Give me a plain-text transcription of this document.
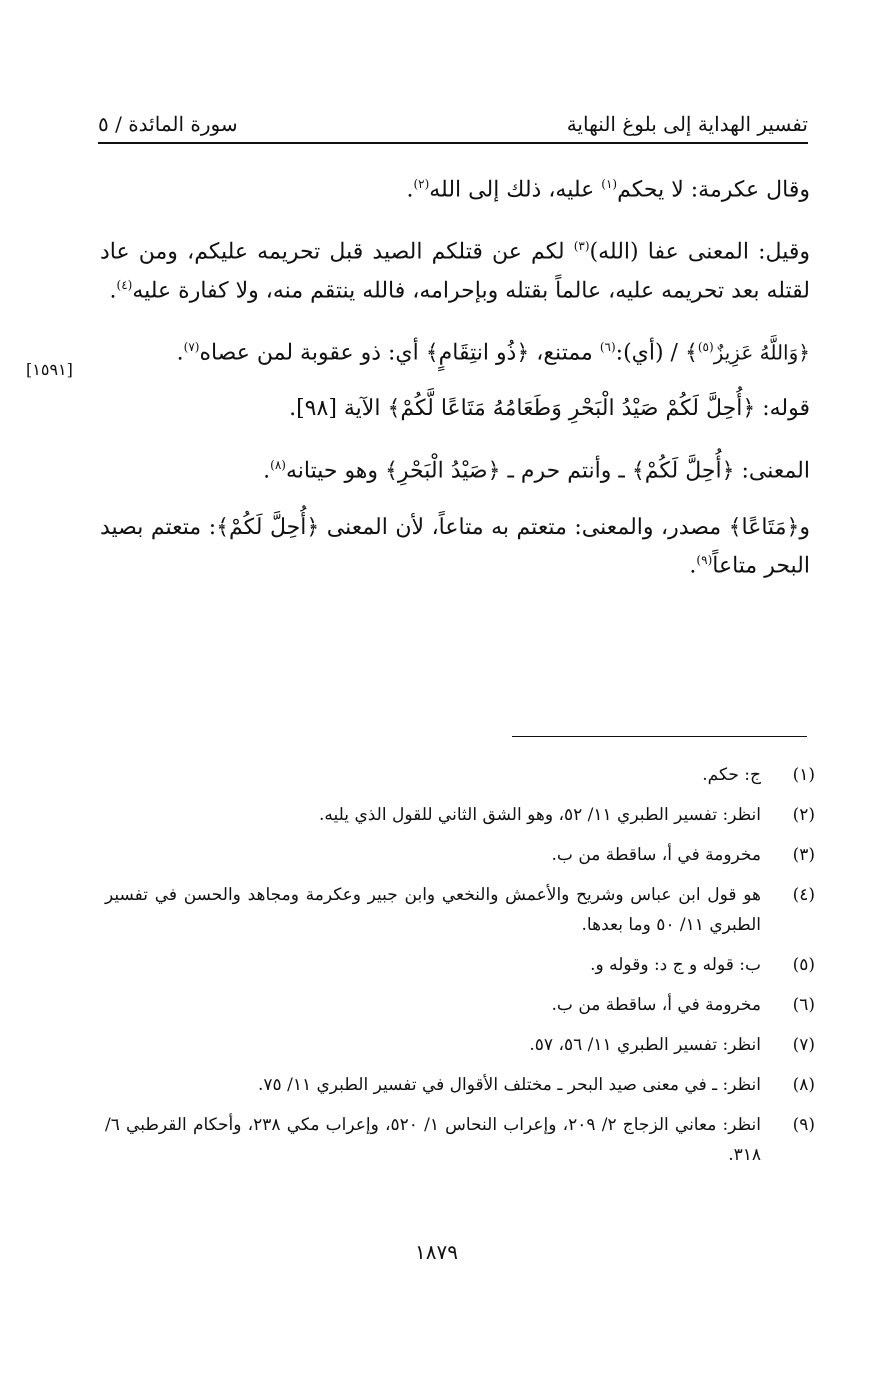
تفسير الهداية إلى بلوغ النهاية
سورة المائدة / ٥
[١٥٩١]

وقال عكرمة: لا يحكم$^{(١)}$ عليه، ذلك إلى الله$^{(٢)}$.

وقيل: المعنى عفا (الله)$^{(٣)}$ لكم عن قتلكم الصيد قبل تحريمه عليكم، ومن عاد لقتله بعد تحريمه عليه، عالماً بقتله وبإحرامه، فالله ينتقم منه، ولا كفارة عليه$^{(٤)}$.

﴿وَاللَّهُ عَزِيزٌ$^{(٥)}$﴾ / (أي):$^{(٦)}$ ممتنع، ﴿ذُو انتِقَامٍ﴾ أي: ذو عقوبة لمن عصاه$^{(٧)}$.

قوله: ﴿أُحِلَّ لَكُمْ صَيْدُ الْبَحْرِ وَطَعَامُهُ مَتَاعًا لَّكُمْ﴾ الآية [٩٨].

المعنى: ﴿أُحِلَّ لَكُمْ﴾ ـ وأنتم حرم ـ ﴿صَيْدُ الْبَحْرِ﴾ وهو حيتانه$^{(٨)}$.

و﴿مَتَاعًا﴾ مصدر، والمعنى: متعتم به متاعاً، لأن المعنى ﴿أُحِلَّ لَكُمْ﴾: متعتم بصيد البحر متاعاً$^{(٩)}$.

(١)
ج: حكم.
(٢)
انظر: تفسير الطبري ١١/ ٥٢، وهو الشق الثاني للقول الذي يليه.
(٣)
مخرومة في أ، ساقطة من ب.
(٤)
هو قول ابن عباس وشريح والأعمش والنخعي وابن جبير وعكرمة ومجاهد والحسن في تفسير الطبري ١١/ ٥٠ وما بعدها.
(٥)
ب: قوله و ج د: وقوله و.
(٦)
مخرومة في أ، ساقطة من ب.
(٧)
انظر: تفسير الطبري ١١/ ٥٦، ٥٧.
(٨)
انظر: ـ في معنى صيد البحر ـ مختلف الأقوال في تفسير الطبري ١١/ ٧٥.
(٩)
انظر: معاني الزجاج ٢/ ٢٠٩، وإعراب النحاس ١/ ٥٢٠، وإعراب مكي ٢٣٨، وأحكام القرطبي ٦/ ٣١٨.
١٨٧٩
